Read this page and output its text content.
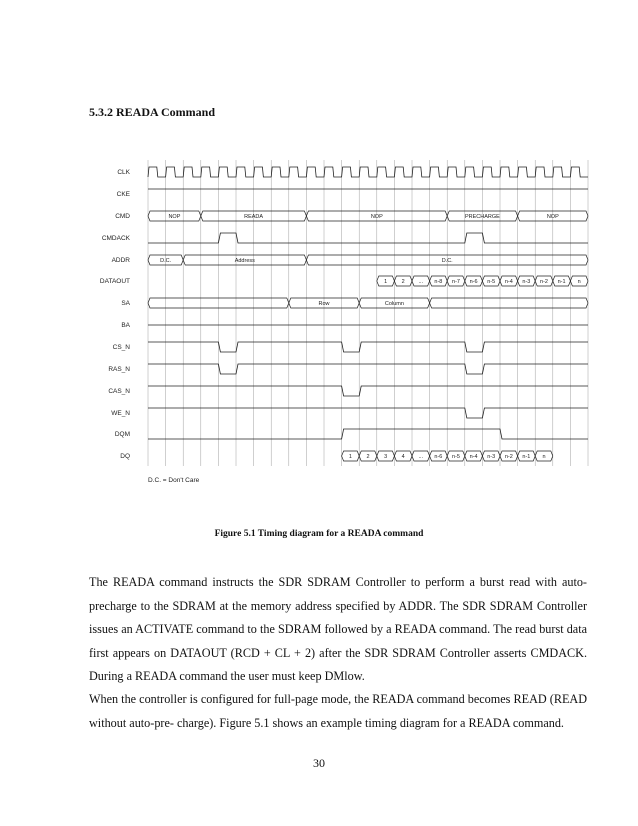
5.3.2 READA Command
CLK
CKE
CMD
CMDACK
ADDR
DATAOUT
SA
BA
CS_N
RAS_N
CAS_N
WE_N
DQM
DQ
NOP	READA	NOP	PRECHARGE	NOP
D.C.	Address	D.C.
Row	Column
1	2	... n-8 n-7 n-6 n-5 n-4 n-3 n-2 n-1 n
1	2	3	4	... n-6 n-5 n-4 n-3 n-2 n-1 n
D.C. = Don't Care
Figure 5.1 Timing diagram for a READA command

The READA command instructs the SDR SDRAM Controller to perform a burst read with auto-precharge to the SDRAM at the memory address specified by ADDR. The SDR SDRAM Controller issues an ACTIVATE command to the SDRAM followed by a READA command. The read burst data first appears on DATAOUT (RCD + CL + 2) after the SDR SDRAM Controller asserts CMDACK. During a READA command the user must keep DMlow.

When the controller is configured for full-page mode, the READA command becomes READ (READ without auto-pre- charge). Figure 5.1 shows an example timing diagram for a READA command.

30
